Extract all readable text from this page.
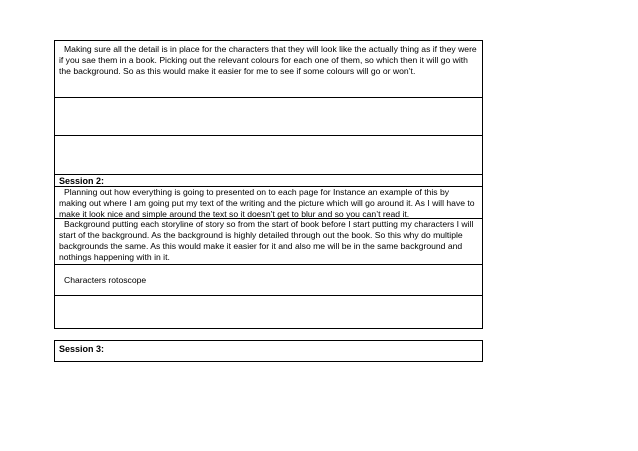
Making sure all the detail is in place for the characters that they will look like the actually thing as if they were if you sae them in a book. Picking out the relevant colours for each one of them, so which then it will go with the background. So as this would make it easier for me to see if some colours will go or won’t.
Session 2:
Planning out how everything is going to presented on to each page for Instance an example of this by making out where I am going put my text of the writing and the picture which will go around it. As I will have to make it look nice and simple around the text so it doesn’t get to blur and so you can’t read it.
Background putting each storyline of story so from the start of book before I start putting my characters I will start of the background. As the background is highly detailed through out the book. So this why do multiple backgrounds the same. As this would make it easier for it and also me will be in the same background and nothings happening with in it.
Characters rotoscope
Session 3:
